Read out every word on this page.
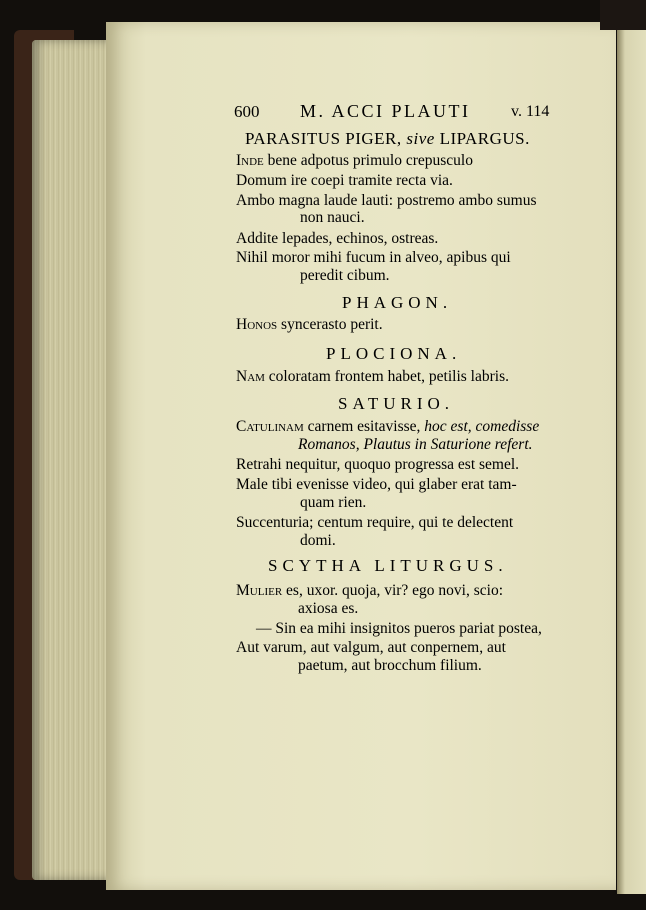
600 M. ACCI PLAUTI	v. 114
PARASITUS PIGER, sive LIPARGUS.
Inde bene adpotus primulo crepusculo
Domum ire coepi tramite recta via.
Ambo magna laude lauti: postremo ambo sumus
non nauci.
Addite lepades, echinos, ostreas.
Nihil moror mihi fucum in alveo, apibus qui
peredit cibum.
PHAGON.
Honos syncerasto perit.
PLOCIONA.
Nam coloratam frontem habet, petilis labris.
SATURIO.
Catulinam carnem esitavisse, hoc est, comedisse
Romanos, Plautus in Saturione refert.
Retrahi nequitur, quoquo progressa est semel.
Male tibi evenisse video, qui glaber erat tam-
quam rien.
Succenturia; centum require, qui te delectent
domi.
SCYTHA LITURGUS.
Mulier es, uxor. quoja, vir? ego novi, scio:
axiosa es.
— Sin ea mihi insignitos pueros pariat postea,
Aut varum, aut valgum, aut conpernem, aut
paetum, aut brocchum filium.
